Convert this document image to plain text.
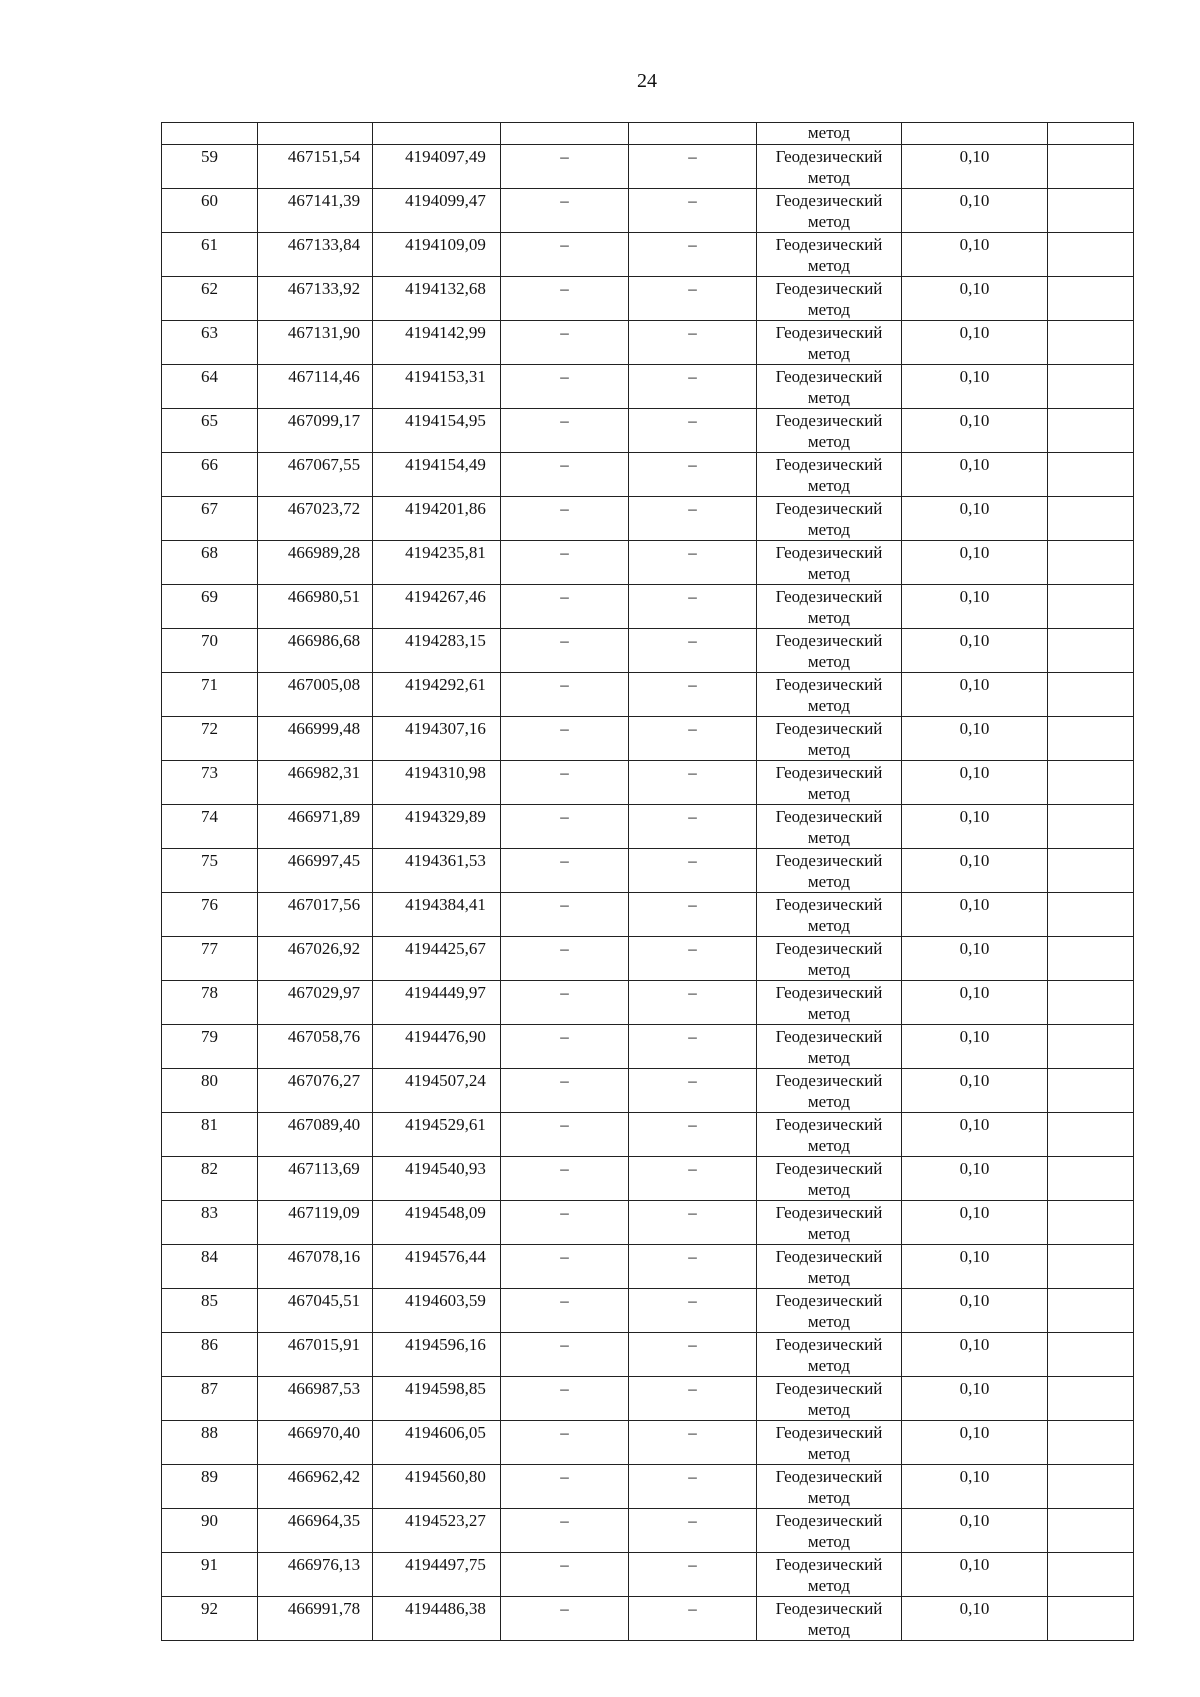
24

					метод		

59	467151,54	4194097,49	–	–	Геодезический
метод	0,10	

60	467141,39	4194099,47	–	–	Геодезический
метод	0,10	

61	467133,84	4194109,09	–	–	Геодезический
метод	0,10	

62	467133,92	4194132,68	–	–	Геодезический
метод	0,10	

63	467131,90	4194142,99	–	–	Геодезический
метод	0,10	

64	467114,46	4194153,31	–	–	Геодезический
метод	0,10	

65	467099,17	4194154,95	–	–	Геодезический
метод	0,10	

66	467067,55	4194154,49	–	–	Геодезический
метод	0,10	

67	467023,72	4194201,86	–	–	Геодезический
метод	0,10	

68	466989,28	4194235,81	–	–	Геодезический
метод	0,10	

69	466980,51	4194267,46	–	–	Геодезический
метод	0,10	

70	466986,68	4194283,15	–	–	Геодезический
метод	0,10	

71	467005,08	4194292,61	–	–	Геодезический
метод	0,10	

72	466999,48	4194307,16	–	–	Геодезический
метод	0,10	

73	466982,31	4194310,98	–	–	Геодезический
метод	0,10	

74	466971,89	4194329,89	–	–	Геодезический
метод	0,10	

75	466997,45	4194361,53	–	–	Геодезический
метод	0,10	

76	467017,56	4194384,41	–	–	Геодезический
метод	0,10	

77	467026,92	4194425,67	–	–	Геодезический
метод	0,10	

78	467029,97	4194449,97	–	–	Геодезический
метод	0,10	

79	467058,76	4194476,90	–	–	Геодезический
метод	0,10	

80	467076,27	4194507,24	–	–	Геодезический
метод	0,10	

81	467089,40	4194529,61	–	–	Геодезический
метод	0,10	

82	467113,69	4194540,93	–	–	Геодезический
метод	0,10	

83	467119,09	4194548,09	–	–	Геодезический
метод	0,10	

84	467078,16	4194576,44	–	–	Геодезический
метод	0,10	

85	467045,51	4194603,59	–	–	Геодезический
метод	0,10	

86	467015,91	4194596,16	–	–	Геодезический
метод	0,10	

87	466987,53	4194598,85	–	–	Геодезический
метод	0,10	

88	466970,40	4194606,05	–	–	Геодезический
метод	0,10	

89	466962,42	4194560,80	–	–	Геодезический
метод	0,10	

90	466964,35	4194523,27	–	–	Геодезический
метод	0,10	

91	466976,13	4194497,75	–	–	Геодезический
метод	0,10	

92	466991,78	4194486,38	–	–	Геодезический
метод	0,10	
